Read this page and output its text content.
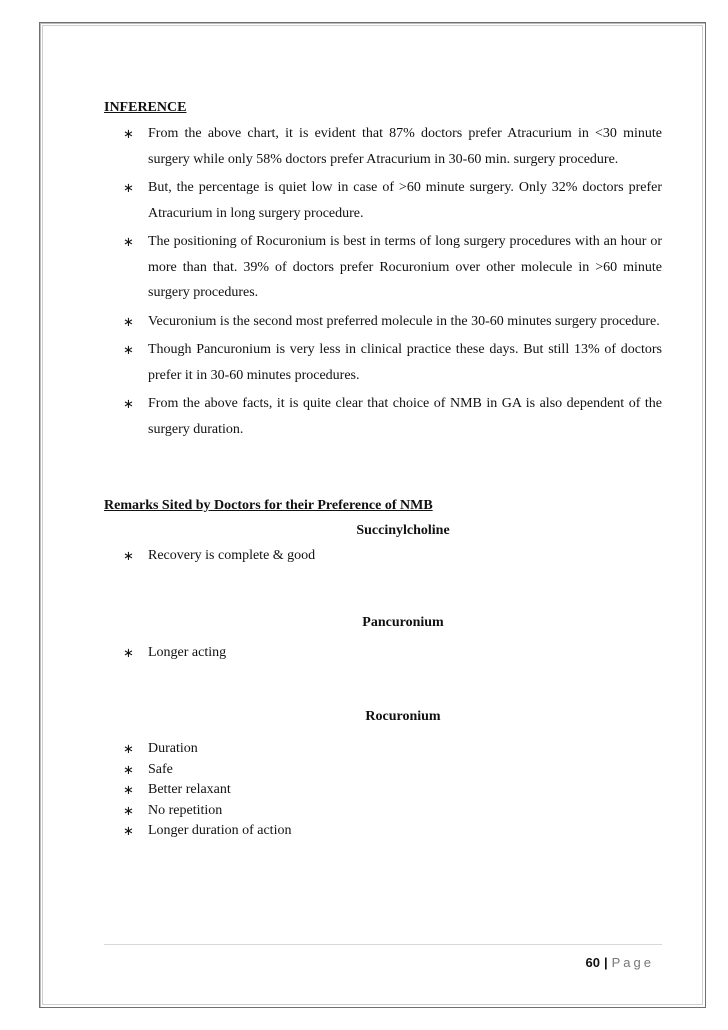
INFERENCE

∗ From the above chart, it is evident that 87% doctors prefer Atracurium in <30 minute surgery while only 58% doctors prefer Atracurium in 30-60 min. surgery procedure.
∗ But, the percentage is quiet low in case of >60 minute surgery. Only 32% doctors prefer Atracurium in long surgery procedure.
∗ The positioning of Rocuronium is best in terms of long surgery procedures with an hour or more than that. 39% of doctors prefer Rocuronium over other molecule in >60 minute surgery procedures.
∗ Vecuronium is the second most preferred molecule in the 30-60 minutes surgery procedure.
∗ Though Pancuronium is very less in clinical practice these days. But still 13% of doctors prefer it in 30-60 minutes procedures.
∗ From the above facts, it is quite clear that choice of NMB in GA is also dependent of the surgery duration.

Remarks Sited by Doctors for their Preference of NMB

Succinylcholine

∗ Recovery is complete & good

Pancuronium

∗ Longer acting

Rocuronium

∗ Duration
∗ Safe
∗ Better relaxant
∗ No repetition
∗ Longer duration of action
60 | Page
